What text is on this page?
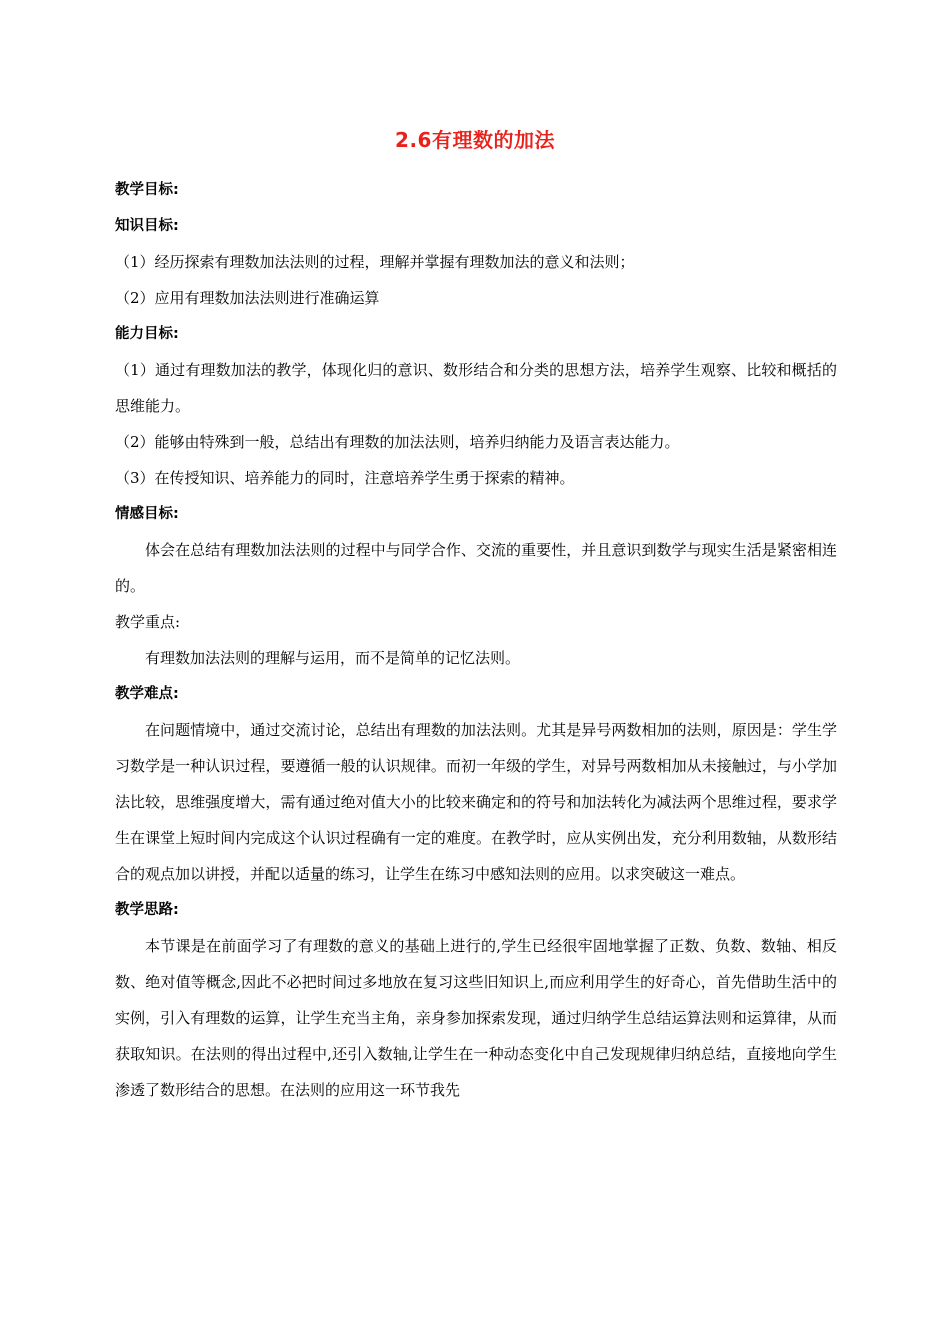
2.6有理数的加法

教学目标:

知识目标:

（1）经历探索有理数加法法则的过程，理解并掌握有理数加法的意义和法则；

（2）应用有理数加法法则进行准确运算

能力目标:

（1）通过有理数加法的教学，体现化归的意识、数形结合和分类的思想方法，培养学生观察、比较和概括的思维能力。

（2）能够由特殊到一般，总结出有理数的加法法则，培养归纳能力及语言表达能力。

（3）在传授知识、培养能力的同时，注意培养学生勇于探索的精神。

情感目标:

体会在总结有理数加法法则的过程中与同学合作、交流的重要性，并且意识到数学与现实生活是紧密相连的。

教学重点:

有理数加法法则的理解与运用，而不是简单的记忆法则。

教学难点:

在问题情境中，通过交流讨论，总结出有理数的加法法则。尤其是异号两数相加的法则，原因是：学生学习数学是一种认识过程，要遵循一般的认识规律。而初一年级的学生，对异号两数相加从未接触过，与小学加法比较，思维强度增大，需有通过绝对值大小的比较来确定和的符号和加法转化为减法两个思维过程，要求学生在课堂上短时间内完成这个认识过程确有一定的难度。在教学时，应从实例出发，充分利用数轴，从数形结合的观点加以讲授，并配以适量的练习，让学生在练习中感知法则的应用。以求突破这一难点。

教学思路:

本节课是在前面学习了有理数的意义的基础上进行的,学生已经很牢固地掌握了正数、负数、数轴、相反数、绝对值等概念,因此不必把时间过多地放在复习这些旧知识上,而应利用学生的好奇心，首先借助生活中的实例，引入有理数的运算，让学生充当主角，亲身参加探索发现，通过归纳学生总结运算法则和运算律，从而获取知识。在法则的得出过程中,还引入数轴,让学生在一种动态变化中自己发现规律归纳总结，直接地向学生渗透了数形结合的思想。在法则的应用这一环节我先
